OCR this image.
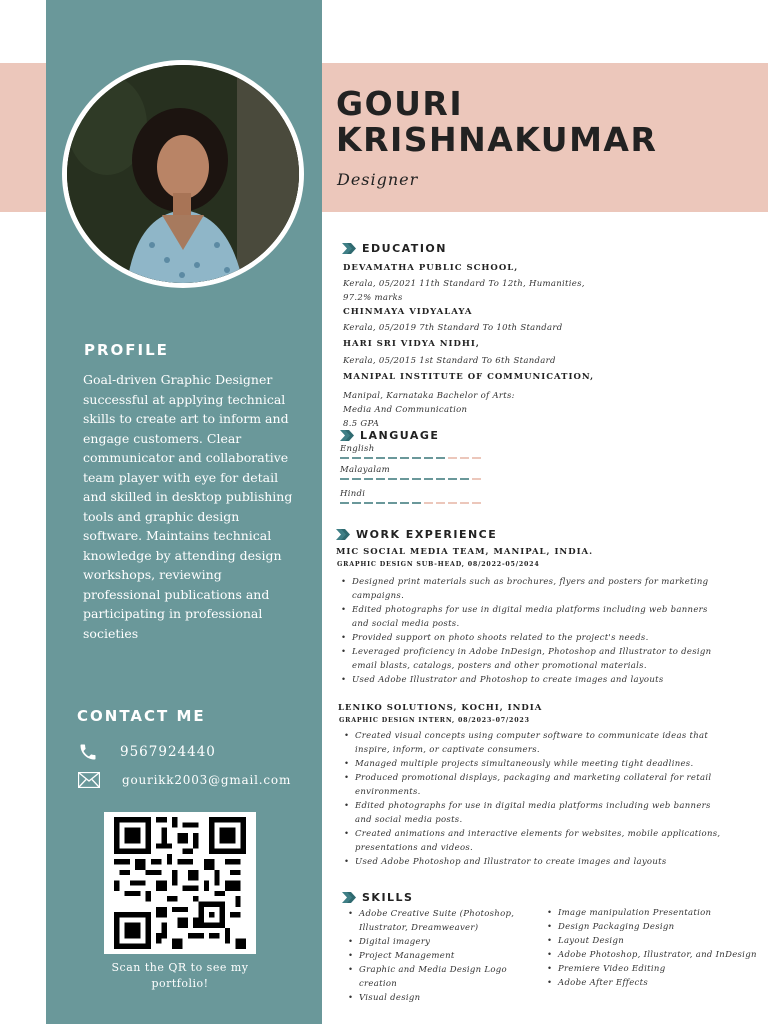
GOURI KRISHNAKUMAR
Designer
PROFILE
Goal-driven Graphic Designer successful at applying technical skills to create art to inform and engage customers. Clear communicator and collaborative team player with eye for detail and skilled in desktop publishing tools and graphic design software. Maintains technical knowledge by attending design workshops, reviewing professional publications and participating in professional societies
CONTACT ME
9567924440
gourikk2003@gmail.com
Scan the QR to see my portfolio!
EDUCATION
DEVAMATHA PUBLIC SCHOOL,
Kerala, 05/2021 11th Standard To 12th, Humanities,
97.2% marks
CHINMAYA VIDYALAYA
Kerala, 05/2019 7th Standard To 10th Standard
HARI SRI VIDYA NIDHI,
Kerala, 05/2015 1st Standard To 6th Standard
MANIPAL INSTITUTE OF COMMUNICATION,
Manipal, Karnataka Bachelor of Arts:
Media And Communication
8.5 GPA
LANGUAGE
English
Malayalam
Hindi
WORK EXPERIENCE
MIC SOCIAL MEDIA TEAM, MANIPAL, INDIA.
GRAPHIC DESIGN SUB-HEAD, 08/2022-05/2024
• Designed print materials such as brochures, flyers and posters for marketing
campaigns.
• Edited photographs for use in digital media platforms including web banners
and social media posts.
• Provided support on photo shoots related to the project's needs.
• Leveraged proficiency in Adobe InDesign, Photoshop and Illustrator to design
email blasts, catalogs, posters and other promotional materials.
• Used Adobe Illustrator and Photoshop to create images and layouts
LENIKO SOLUTIONS, KOCHI, INDIA
GRAPHIC DESIGN INTERN, 08/2023-07/2023
• Created visual concepts using computer software to communicate ideas that
inspire, inform, or captivate consumers.
• Managed multiple projects simultaneously while meeting tight deadlines.
• Produced promotional displays, packaging and marketing collateral for retail
environments.
• Edited photographs for use in digital media platforms including web banners
and social media posts.
• Created animations and interactive elements for websites, mobile applications,
presentations and videos.
• Used Adobe Photoshop and Illustrator to create images and layouts
SKILLS
• Adobe Creative Suite (Photoshop,
Illustrator, Dreamweaver)
• Digital imagery
• Project Management
• Graphic and Media Design Logo
creation
• Visual design
• Image manipulation Presentation
• Design Packaging Design
• Layout Design
• Adobe Photoshop, Illustrator, and InDesign
• Premiere Video Editing
• Adobe After Effects
